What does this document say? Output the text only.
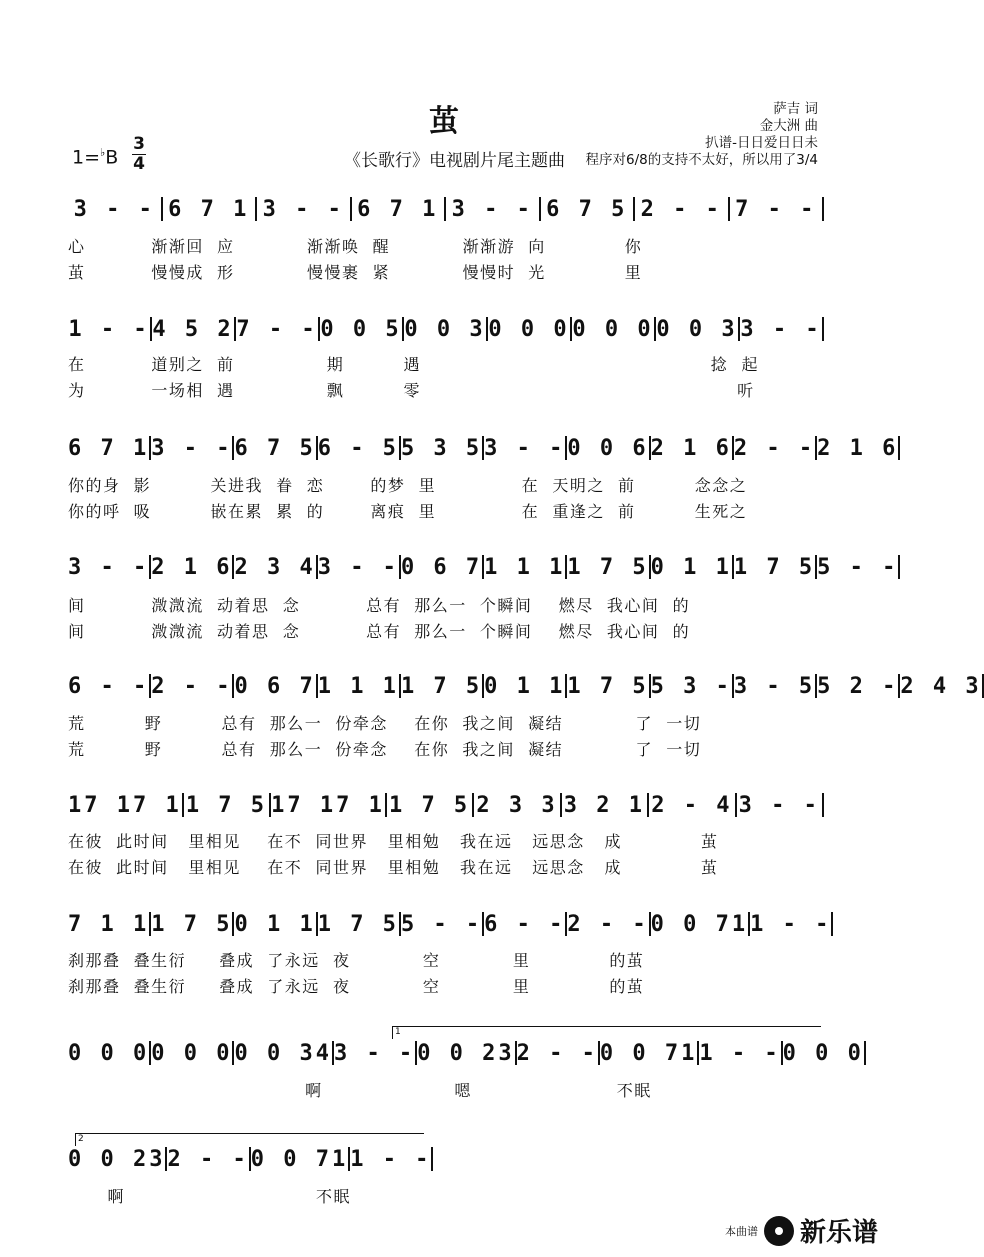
茧
1=♭B
3
4	《长歌行》电视剧片尾主题曲
萨吉 词
金大洲 曲
扒谱-日日爱日日未
程序对6/8的支持不太好，所以用了3/4
3 - - 6 7 1 3 - - 6 7 1 3 - - 6 7 5 2 - - 7 - -
心          渐渐回  应           渐渐唤  醒           渐渐游  向            你
茧          慢慢成  形           慢慢裹  紧           慢慢时  光            里
1 - - 4 5 2 7 - - 0 0 5 0 0 3 0 0 0 0 0 0 0 0 3 3 - -
在          道别之  前              期         遇                                            捻  起
为          一场相  遇              飘         零                                                听
6 7 1 3 - - 6 7 5 6 - 5 5 3 5 3 - - 0 0 6 2 1 6 2 - - 2 1 6
你的身  影         关进我  眷  恋       的梦  里             在  天明之  前         念念之
你的呼  吸         嵌在累  累  的       离痕  里             在  重逢之  前         生死之
3 - - 2 1 6 2 3 4 3 - - 0 6 7 1 1 1 1 7 5 0 1 1 1 7 5 5 - -
间          溦溦流  动着思  念          总有  那么一  个瞬间    燃尽  我心间  的
间          溦溦流  动着思  念          总有  那么一  个瞬间    燃尽  我心间  的
6 - - 2 - - 0 6 7 1 1 1 1 7 5 0 1 1 1 7 5 5 3 - 3 - 5 5 2 - 2 4 3
荒         野         总有  那么一  份牵念    在你  我之间  凝结           了  一切
荒         野         总有  那么一  份牵念    在你  我之间  凝结           了  一切
17 17 1 1 7 5 17 17 1 1 7 5 2 3 3 3 2 1 2 - 4 3 - -
在彼  此时间   里相见    在不  同世界   里相勉   我在远   远思念   成            茧
在彼  此时间   里相见    在不  同世界   里相勉   我在远   远思念   成            茧
7 1 1 1 7 5 0 1 1 1 7 5 5 - - 6 - - 2 - - 0 0 71 1 - -
刹那叠  叠生衍     叠成  了永远  夜           空           里            的茧
刹那叠  叠生衍     叠成  了永远  夜           空           里            的茧
0 0 0 0 0 0 0 0 34 3 - - 0 0 23 2 - - 0 0 71 1 - - 0 0 0
啊                    嗯                      不眠
0 0 23 2 - - 0 0 71 1 - -
啊                             不眠
1
2
本曲谱 新乐谱
